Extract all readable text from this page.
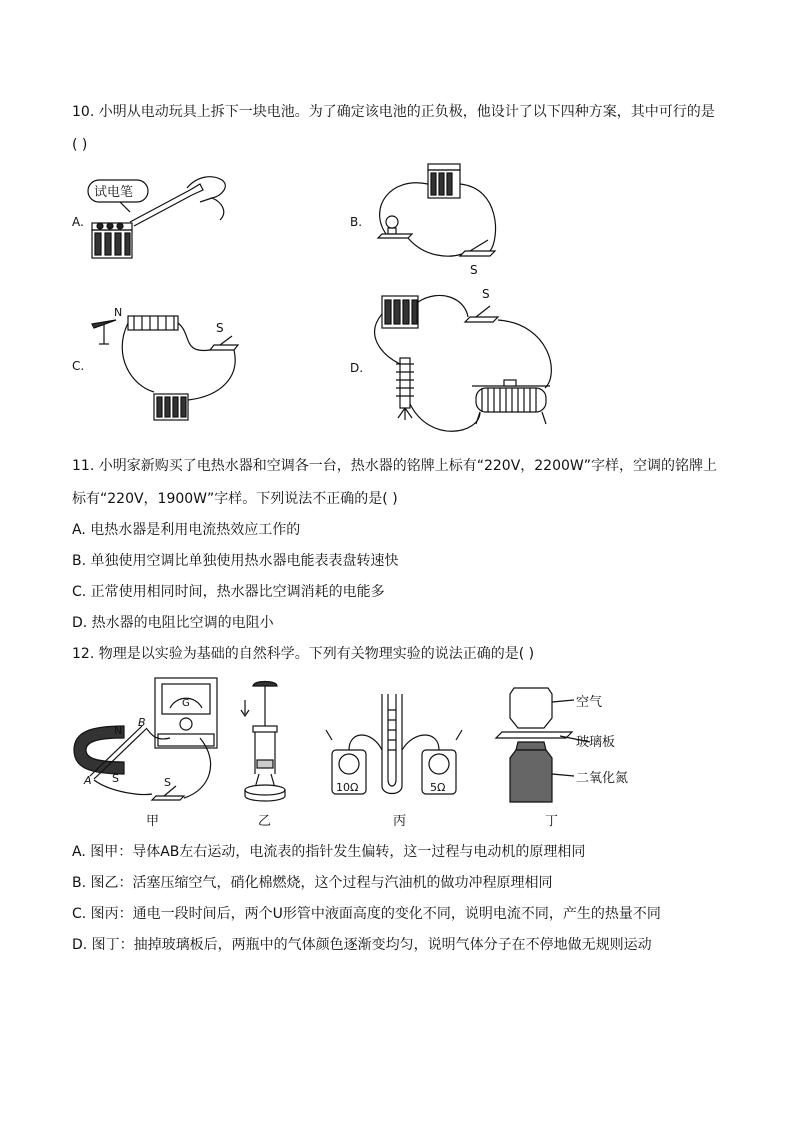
10. 小明从电动玩具上拆下一块电池。为了确定该电池的正负极，他设计了以下四种方案，其中可行的是
( )
试电笔
A.	B.
S
N
S
C.
S
D.
11. 小明家新购买了电热水器和空调各一台，热水器的铭牌上标有“220V，2200W”字样，空调的铭牌上
标有“220V，1900W”字样。下列说法不正确的是( )
A. 电热水器是利用电流热效应工作的
B. 单独使用空调比单独使用热水器电能表表盘转速快
C. 正常使用相同时间，热水器比空调消耗的电能多
D. 热水器的电阻比空调的电阻小
12. 物理是以实验为基础的自然科学。下列有关物理实验的说法正确的是( )
N
B
A S	S
G
10Ω	5Ω
空气
玻璃板
二氧化氮
甲	乙	丙	丁
A. 图甲：导体AB左右运动，电流表的指针发生偏转，这一过程与电动机的原理相同
B. 图乙：活塞压缩空气，硝化棉燃烧，这个过程与汽油机的做功冲程原理相同
C. 图丙：通电一段时间后，两个U形管中液面高度的变化不同，说明电流不同，产生的热量不同
D. 图丁：抽掉玻璃板后，两瓶中的气体颜色逐渐变均匀，说明气体分子在不停地做无规则运动
